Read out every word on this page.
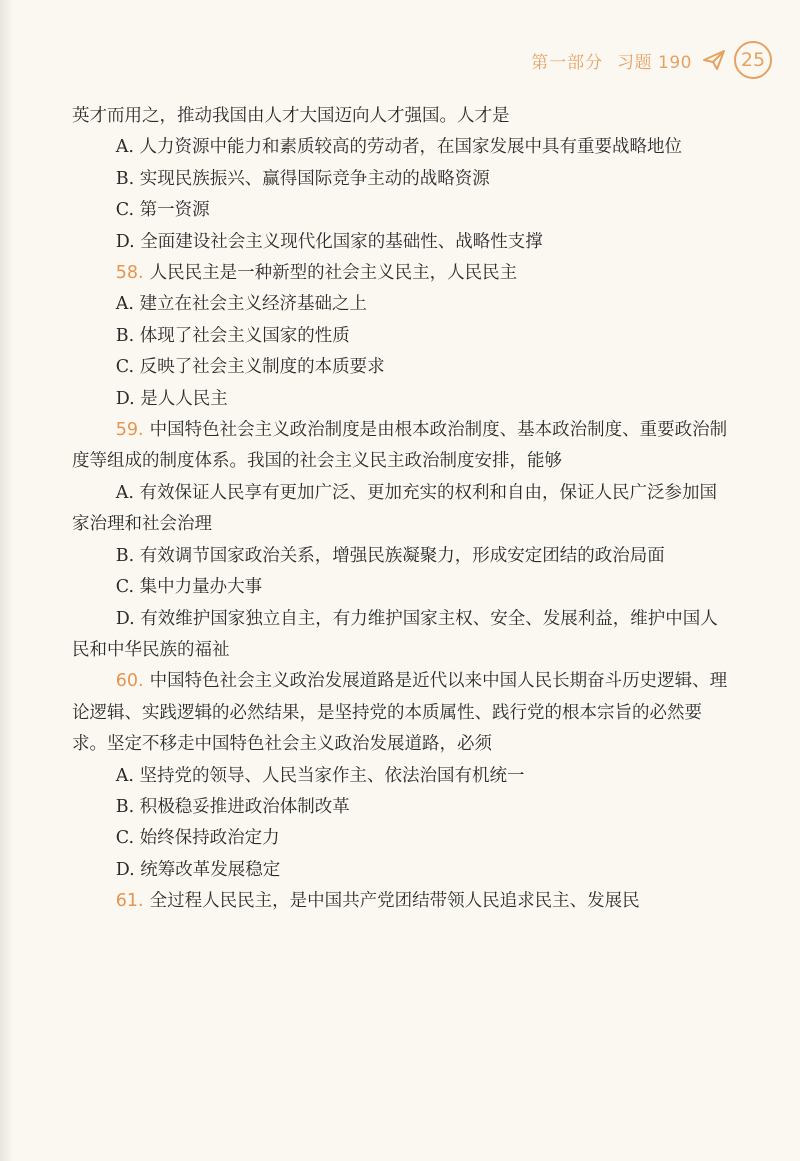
第一部分 习题 190	25

英才而用之，推动我国由人才大国迈向人才强国。人才是

A. 人力资源中能力和素质较高的劳动者，在国家发展中具有重要战略地位

B. 实现民族振兴、赢得国际竞争主动的战略资源

C. 第一资源

D. 全面建设社会主义现代化国家的基础性、战略性支撑

58. 人民民主是一种新型的社会主义民主，人民民主

A. 建立在社会主义经济基础之上

B. 体现了社会主义国家的性质

C. 反映了社会主义制度的本质要求

D. 是人人民主

59. 中国特色社会主义政治制度是由根本政治制度、基本政治制度、重要政治制度等组成的制度体系。我国的社会主义民主政治制度安排，能够

A. 有效保证人民享有更加广泛、更加充实的权利和自由，保证人民广泛参加国家治理和社会治理

B. 有效调节国家政治关系，增强民族凝聚力，形成安定团结的政治局面

C. 集中力量办大事

D. 有效维护国家独立自主，有力维护国家主权、安全、发展利益，维护中国人民和中华民族的福祉

60. 中国特色社会主义政治发展道路是近代以来中国人民长期奋斗历史逻辑、理论逻辑、实践逻辑的必然结果，是坚持党的本质属性、践行党的根本宗旨的必然要求。坚定不移走中国特色社会主义政治发展道路，必须

A. 坚持党的领导、人民当家作主、依法治国有机统一

B. 积极稳妥推进政治体制改革

C. 始终保持政治定力

D. 统筹改革发展稳定

61. 全过程人民民主，是中国共产党团结带领人民追求民主、发展民
